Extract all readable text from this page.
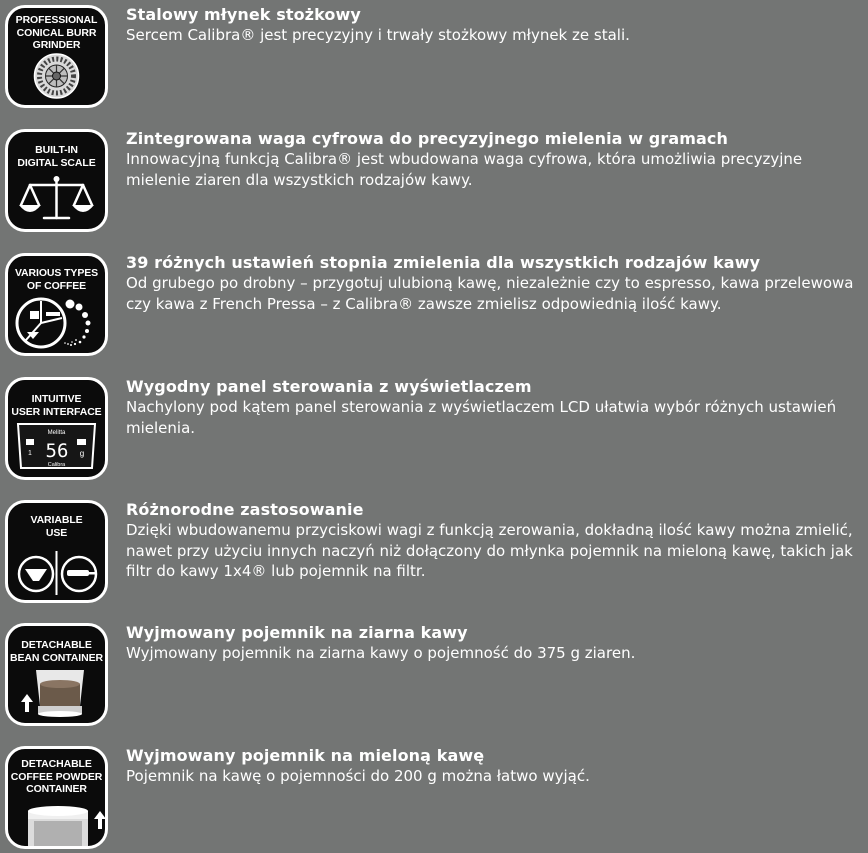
PROFESSIONAL
CONICAL BURR
GRINDER
Stalowy młynek stożkowy
Sercem Calibra® jest precyzyjny i trwały stożkowy młynek ze stali.
BUILT-IN
DIGITAL SCALE
Zintegrowana waga cyfrowa do precyzyjnego mielenia w gramach
Innowacyjną funkcją Calibra® jest wbudowana waga cyfrowa, która umożliwia precyzyjne mielenie ziaren dla wszystkich rodzajów kawy.
VARIOUS TYPES
OF COFFEE
39 różnych ustawień stopnia zmielenia dla wszystkich rodzajów kawy
Od grubego po drobny – przygotuj ulubioną kawę, niezależnie czy to espresso, kawa przelewowa czy kawa z French Pressa – z Calibra® zawsze zmielisz odpowiednią ilość kawy.
Melitta
1 56 g
Calibra
INTUITIVE
USER INTERFACE
Wygodny panel sterowania z wyświetlaczem
Nachylony pod kątem panel sterowania z wyświetlaczem LCD ułatwia wybór różnych ustawień mielenia.
VARIABLE
USE
Różnorodne zastosowanie
Dzięki wbudowanemu przyciskowi wagi z funkcją zerowania, dokładną ilość kawy można zmielić, nawet przy użyciu innych naczyń niż dołączony do młynka pojemnik na mieloną kawę, takich jak filtr do kawy 1x4® lub pojemnik na filtr.
DETACHABLE
BEAN CONTAINER
Wyjmowany pojemnik na ziarna kawy
Wyjmowany pojemnik na ziarna kawy o pojemność do 375 g ziaren.
DETACHABLE
COFFEE POWDER
CONTAINER
Wyjmowany pojemnik na mieloną kawę
Pojemnik na kawę o pojemności do 200 g można łatwo wyjąć.
